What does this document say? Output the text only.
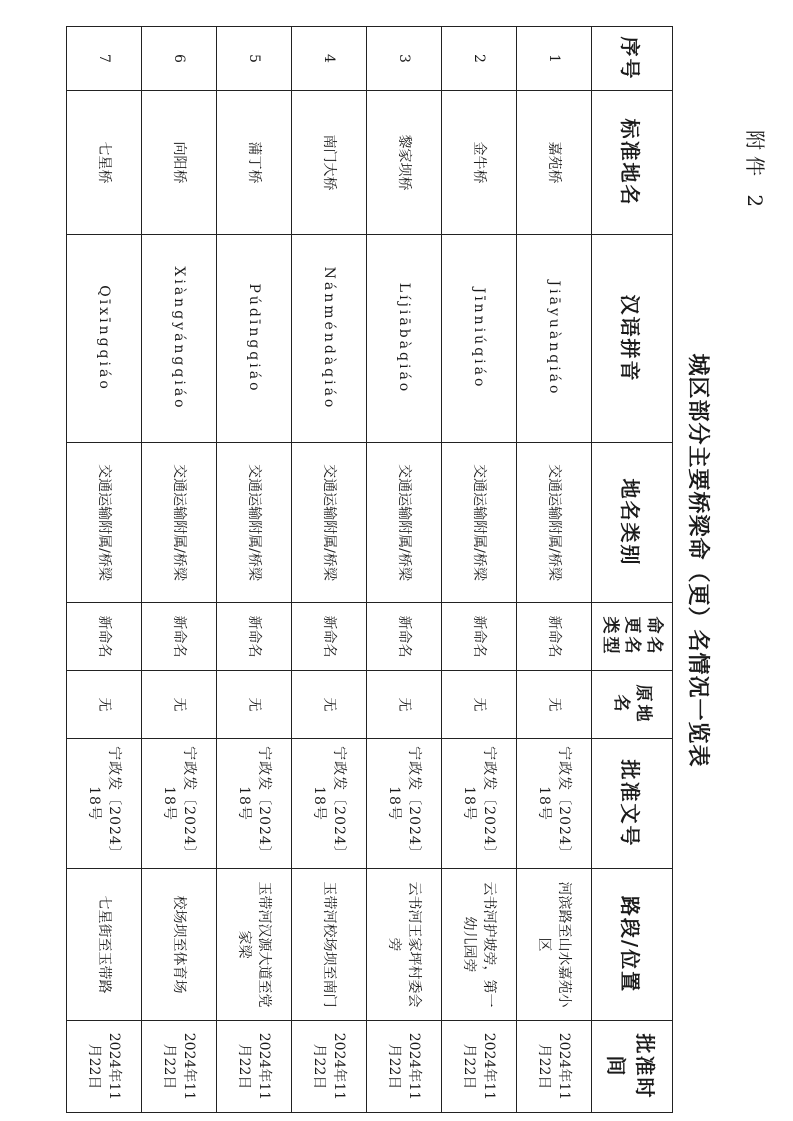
附件 2
城区部分主要桥梁命（更）名情况一览表
序号	标准地名	汉语拼音	地名类别	命名更名类型	原地名	批准文号	路段/位置	批准时间
1	嘉苑桥	Jiāyuànqiáo	交通运输附属/桥梁	新命名	无	宁政发〔2024〕18号	河滨路至山水嘉苑小区	2024年11月22日
2	金牛桥	Jīnniúqiáo	交通运输附属/桥梁	新命名	无	宁政发〔2024〕18号	云书河护坡旁，第一幼儿园旁	2024年11月22日
3	黎家坝桥	Líjiābàqiáo	交通运输附属/桥梁	新命名	无	宁政发〔2024〕18号	云书河王家坪村委会旁	2024年11月22日
4	南门大桥	Nánméndàqiáo	交通运输附属/桥梁	新命名	无	宁政发〔2024〕18号	玉带河校场坝至南门	2024年11月22日
5	蒲丁桥	Púdīngqiáo	交通运输附属/桥梁	新命名	无	宁政发〔2024〕18号	玉带河汉源大道至党家梁	2024年11月22日
6	向阳桥	Xiàngyángqiáo	交通运输附属/桥梁	新命名	无	宁政发〔2024〕18号	校场坝至体育场	2024年11月22日
7	七星桥	Qīxīngqiáo	交通运输附属/桥梁	新命名	无	宁政发〔2024〕18号	七星街至玉带路	2024年11月22日
